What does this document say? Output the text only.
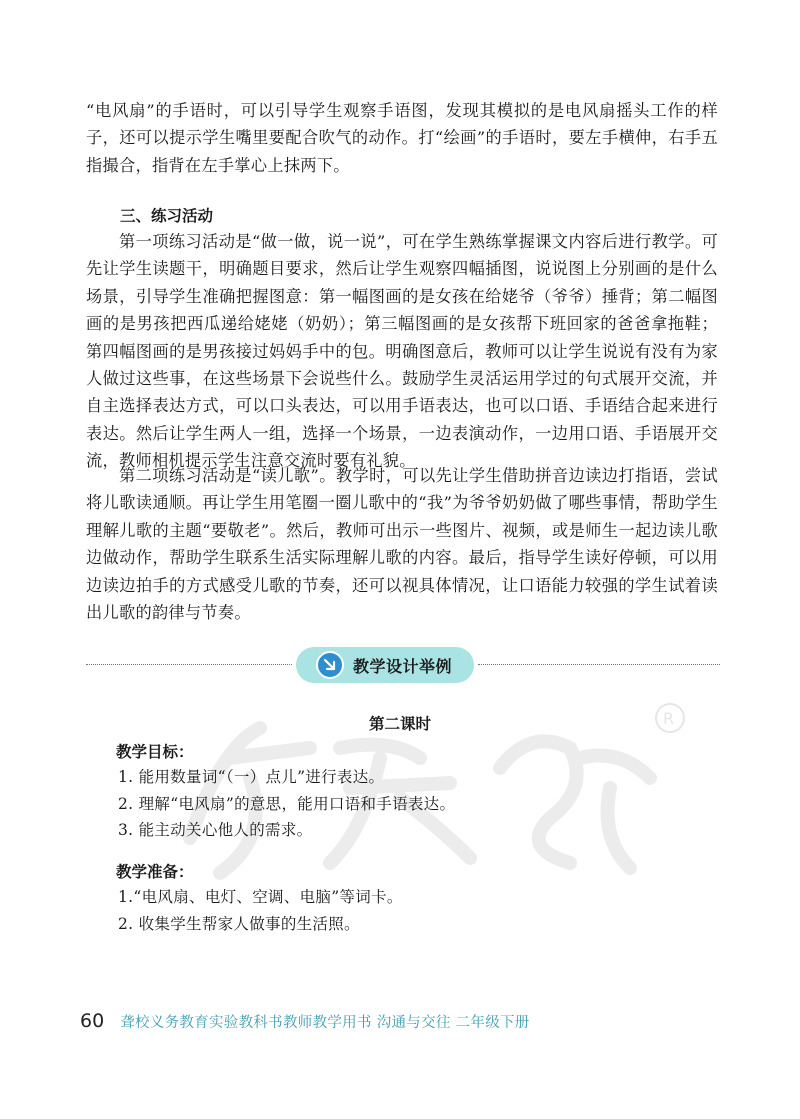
“电风扇”的手语时，可以引导学生观察手语图，发现其模拟的是电风扇摇头工作的样子，还可以提示学生嘴里要配合吹气的动作。打“绘画”的手语时，要左手横伸，右手五指撮合，指背在左手掌心上抹两下。

三、练习活动

第一项练习活动是“做一做，说一说”，可在学生熟练掌握课文内容后进行教学。可先让学生读题干，明确题目要求，然后让学生观察四幅插图，说说图上分别画的是什么场景，引导学生准确把握图意：第一幅图画的是女孩在给姥爷（爷爷）捶背；第二幅图画的是男孩把西瓜递给姥姥（奶奶）；第三幅图画的是女孩帮下班回家的爸爸拿拖鞋；第四幅图画的是男孩接过妈妈手中的包。明确图意后，教师可以让学生说说有没有为家人做过这些事，在这些场景下会说些什么。鼓励学生灵活运用学过的句式展开交流，并自主选择表达方式，可以口头表达，可以用手语表达，也可以口语、手语结合起来进行表达。然后让学生两人一组，选择一个场景，一边表演动作，一边用口语、手语展开交流，教师相机提示学生注意交流时要有礼貌。

第二项练习活动是“读儿歌”。教学时，可以先让学生借助拼音边读边打指语，尝试将儿歌读通顺。再让学生用笔圈一圈儿歌中的“我”为爷爷奶奶做了哪些事情，帮助学生理解儿歌的主题“要敬老”。然后，教师可出示一些图片、视频，或是师生一起边读儿歌边做动作，帮助学生联系生活实际理解儿歌的内容。最后，指导学生读好停顿，可以用边读边拍手的方式感受儿歌的节奏，还可以视具体情况，让口语能力较强的学生试着读出儿歌的韵律与节奏。

教学设计举例
R

第二课时

教学目标：

1. 能用数量词“（一）点儿”进行表达。
2. 理解“电风扇”的意思，能用口语和手语表达。
3. 能主动关心他人的需求。

教学准备：

1.“电风扇、电灯、空调、电脑”等词卡。
2. 收集学生帮家人做事的生活照。
60 聋校义务教育实验教科书教师教学用书 沟通与交往 二年级下册
